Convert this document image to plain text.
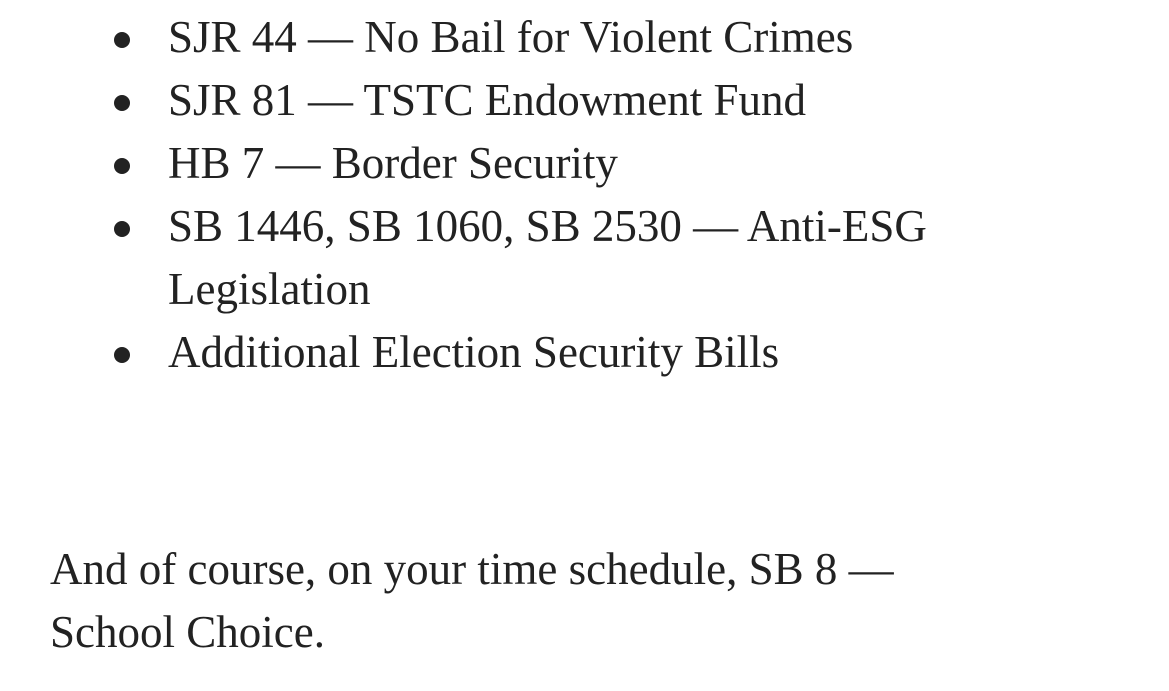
SJR 44 — No Bail for Violent Crimes
SJR 81 — TSTC Endowment Fund
HB 7 — Border Security
SB 1446, SB 1060, SB 2530 — Anti-ESG Legislation
Additional Election Security Bills

And of course, on your time schedule, SB 8 — School Choice.
